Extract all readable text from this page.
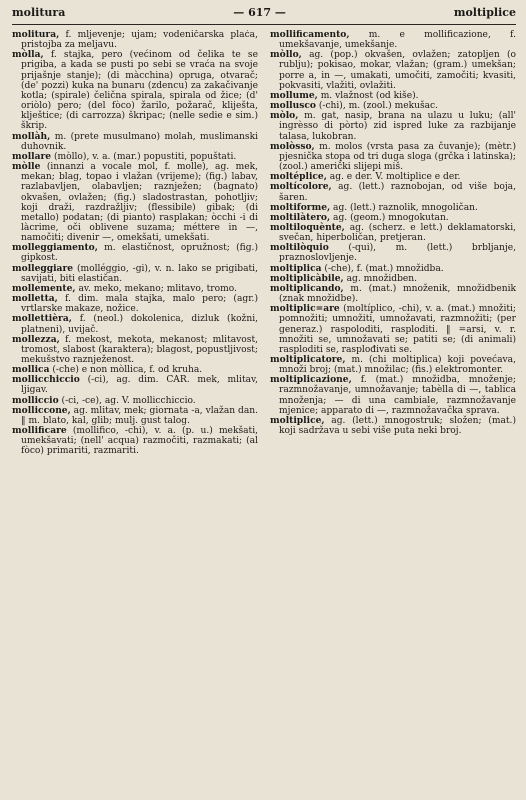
molitura	— 617 —	moltiplicе

molitura, f. mljevenje; ujam; vodeničarska plaća, pristojba za meljavu.

mòlla, f. stajka, pero (većinom od čelika te se prigiba, a kada se pusti po sebi se vraća na svoje prijašnje stanje); (di màcchina) opruga, otvarač; (de' pozzi) kuka na bunaru (zdencu) za zakačivanje kotla; (spirale) čelična spirala, spirala od žice; (d' oriòlo) pero; (del fòco) žarilo, požarač, kliješta, klještice; (di carrozza) škripac; (nelle sedie e sim.) škrip.

mollàh, m. (prete musulmano) molah, muslimanski duhovnik.

mollare (mòllo), v. a. (mar.) popustiti, popuštati.

mòlle (innanzi a vocale mol, f. molle), ag. mek, mekan; blag, topao i vlažan (vrijeme); (fig.) labav, razlabavljen, olabavljen; raznježen; (bagnato) okvašen, ovlažen; (fig.) sladostrastan, pohotljiv; koji draži, razdražljiv; (flessibile) gibak; (di metallo) podatan; (di pianto) rasplakan; òcchi -i di làcrime, oči oblivene suzama; méttere in —, namočiti; divenir —, omekšati, umekšati.

molleggiamento, m. elastičnost, opružnost; (fig.) gipkost.

molleggiare (molléggio, -gi), v. n. lako se prigibati, savijati, biti elastičan.

mollemente, av. meko, mekano; mlitavo, tromo.

molletta, f. dim. mala stajka, malo pero; (agr.) vrtlarske makaze, nožice.

mollettièra, f. (neol.) dokolenica, dizluk (kožni, platneni), uvijač.

mollezza, f. mekost, mekota, mekanost; mlitavost, tromost, slabost (karaktera); blagost, popustljivost; mekušstvo raznježenost.

mollica (-che) e non mòllica, f. od kruha.

mollicchiccio (-ci), ag. dim. CAR. mek, mlitav, ljigav.

molliccio (-ci, -ce), ag. V. mollicchiccio.

molliccone, ag. mlitav, mek; giornata -a, vlažan dan. ‖ m. blato, kal, glib; mulj. gust talog.

mollificare (mollifico, -chi), v. a. (p. u.) mekšati, umekšavati; (nell' acqua) razmočiti, razmakati; (al fòco) primariti, razmariti.

mollificamento, m. e mollificazione, f. umekšavanje, umekšanje.

mòllo, ag. (pop.) okvašen, ovlažen; zatopljen (o rublju); pokisao, mokar, vlažan; (gram.) umekšan; porre a, in —, umakati, umočiti, zamočiti; kvasiti, pokvasiti, vlažiti, ovlažiti.

mollume, m. vlažnost (od kiše).

mollusco (-chi), m. (zool.) mekušac.

mòlo, m. gat, nasip, brana na ulazu u luku; (all' ingrèsso di pòrto) zid ispred luke za razbijanje talasa, lukobran.

molòsso, m. molos (vrsta pasa za čuvanje); (mètr.) pjesnička stopa od tri duga sloga (grčka i latinska); (zool.) američki slijepi miš.

moltéplice, ag. e der. V. moltiplice e der.

moltícolore, ag. (lett.) raznobojan, od više boja, šaren.

moltiforme, ag. (lett.) raznolik, mnogoličan.

moltilàtero, ag. (geom.) mnogokutan.

moltiloquènte, ag. (scherz. e lett.) deklamatorski, svečan, hiperboličan, pretjeran.

moltilòquio (-qui), m. (lett.) brbljanje, praznoslovljenje.

moltiplica (-che), f. (mat.) množidba.

moltiplicàbile, ag. množidben.

moltiplicando, m. (mat.) množenik, množidbenik (znak množidbe).

moltiplic=are (moltíplico, -chi), v. a. (mat.) množiti; pomnožiti; umnožiti, umnožavati, razmnožiti; (per generaz.) raspoloditi, rasploditi. ‖ =arsi, v. r. množiti se, umnožavati se; patiti se; (di animali) rasploditi se, rasplođivati se.

moltiplicatore, m. (chi moltiplica) koji povećava, množi broj; (mat.) množilac; (fis.) elektromonter.

moltiplicazione, f. (mat.) množidba, množenje; razmnožavanje, umnožavanje; tabèlla di —, tablica množenja; — di una cambiale, razmnožavanje mjenice; apparato di —, razmnožavačka sprava.

moltiplice, ag. (lett.) mnogostruk; složen; (mat.) koji sadržava u sebi više puta neki broj.
